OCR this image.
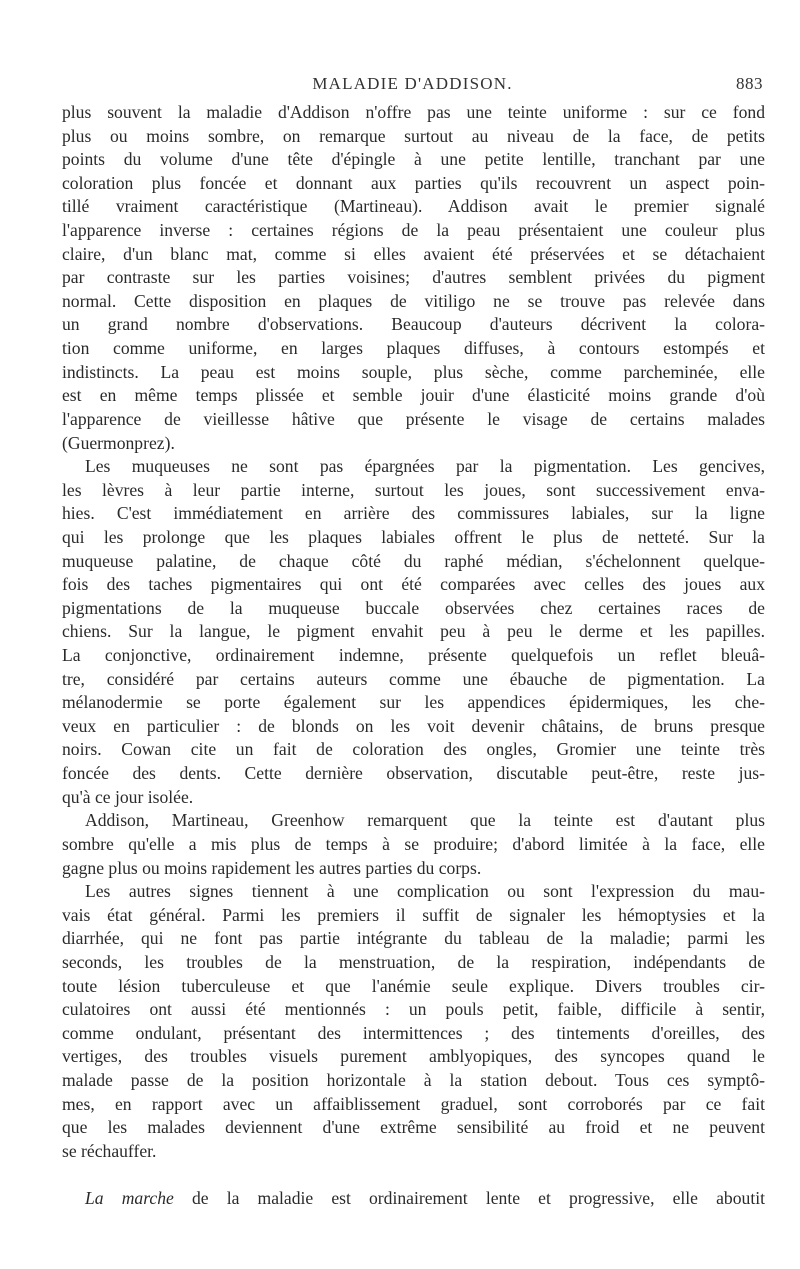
MALADIE D'ADDISON.	883
plus souvent la maladie d'Addison n'offre pas une teinte uniforme : sur ce fond
plus ou moins sombre, on remarque surtout au niveau de la face, de petits
points du volume d'une tête d'épingle à une petite lentille, tranchant par une
coloration plus foncée et donnant aux parties qu'ils recouvrent un aspect poin-
tillé vraiment caractéristique (Martineau). Addison avait le premier signalé
l'apparence inverse : certaines régions de la peau présentaient une couleur plus
claire, d'un blanc mat, comme si elles avaient été préservées et se détachaient
par contraste sur les parties voisines; d'autres semblent privées du pigment
normal. Cette disposition en plaques de vitiligo ne se trouve pas relevée dans
un grand nombre d'observations. Beaucoup d'auteurs décrivent la colora-
tion comme uniforme, en larges plaques diffuses, à contours estompés et
indistincts. La peau est moins souple, plus sèche, comme parcheminée, elle
est en même temps plissée et semble jouir d'une élasticité moins grande d'où
l'apparence de vieillesse hâtive que présente le visage de certains malades
(Guermonprez).
Les muqueuses ne sont pas épargnées par la pigmentation. Les gencives,
les lèvres à leur partie interne, surtout les joues, sont successivement enva-
hies. C'est immédiatement en arrière des commissures labiales, sur la ligne
qui les prolonge que les plaques labiales offrent le plus de netteté. Sur la
muqueuse palatine, de chaque côté du raphé médian, s'échelonnent quelque-
fois des taches pigmentaires qui ont été comparées avec celles des joues aux
pigmentations de la muqueuse buccale observées chez certaines races de
chiens. Sur la langue, le pigment envahit peu à peu le derme et les papilles.
La conjonctive, ordinairement indemne, présente quelquefois un reflet bleuâ-
tre, considéré par certains auteurs comme une ébauche de pigmentation. La
mélanodermie se porte également sur les appendices épidermiques, les che-
veux en particulier : de blonds on les voit devenir châtains, de bruns presque
noirs. Cowan cite un fait de coloration des ongles, Gromier une teinte très
foncée des dents. Cette dernière observation, discutable peut-être, reste jus-
qu'à ce jour isolée.
Addison, Martineau, Greenhow remarquent que la teinte est d'autant plus
sombre qu'elle a mis plus de temps à se produire; d'abord limitée à la face, elle
gagne plus ou moins rapidement les autres parties du corps.
Les autres signes tiennent à une complication ou sont l'expression du mau-
vais état général. Parmi les premiers il suffit de signaler les hémoptysies et la
diarrhée, qui ne font pas partie intégrante du tableau de la maladie; parmi les
seconds, les troubles de la menstruation, de la respiration, indépendants de
toute lésion tuberculeuse et que l'anémie seule explique. Divers troubles cir-
culatoires ont aussi été mentionnés : un pouls petit, faible, difficile à sentir,
comme ondulant, présentant des intermittences ; des tintements d'oreilles, des
vertiges, des troubles visuels purement amblyopiques, des syncopes quand le
malade passe de la position horizontale à la station debout. Tous ces symptô-
mes, en rapport avec un affaiblissement graduel, sont corroborés par ce fait
que les malades deviennent d'une extrême sensibilité au froid et ne peuvent
se réchauffer.
La marche de la maladie est ordinairement lente et progressive, elle aboutit
